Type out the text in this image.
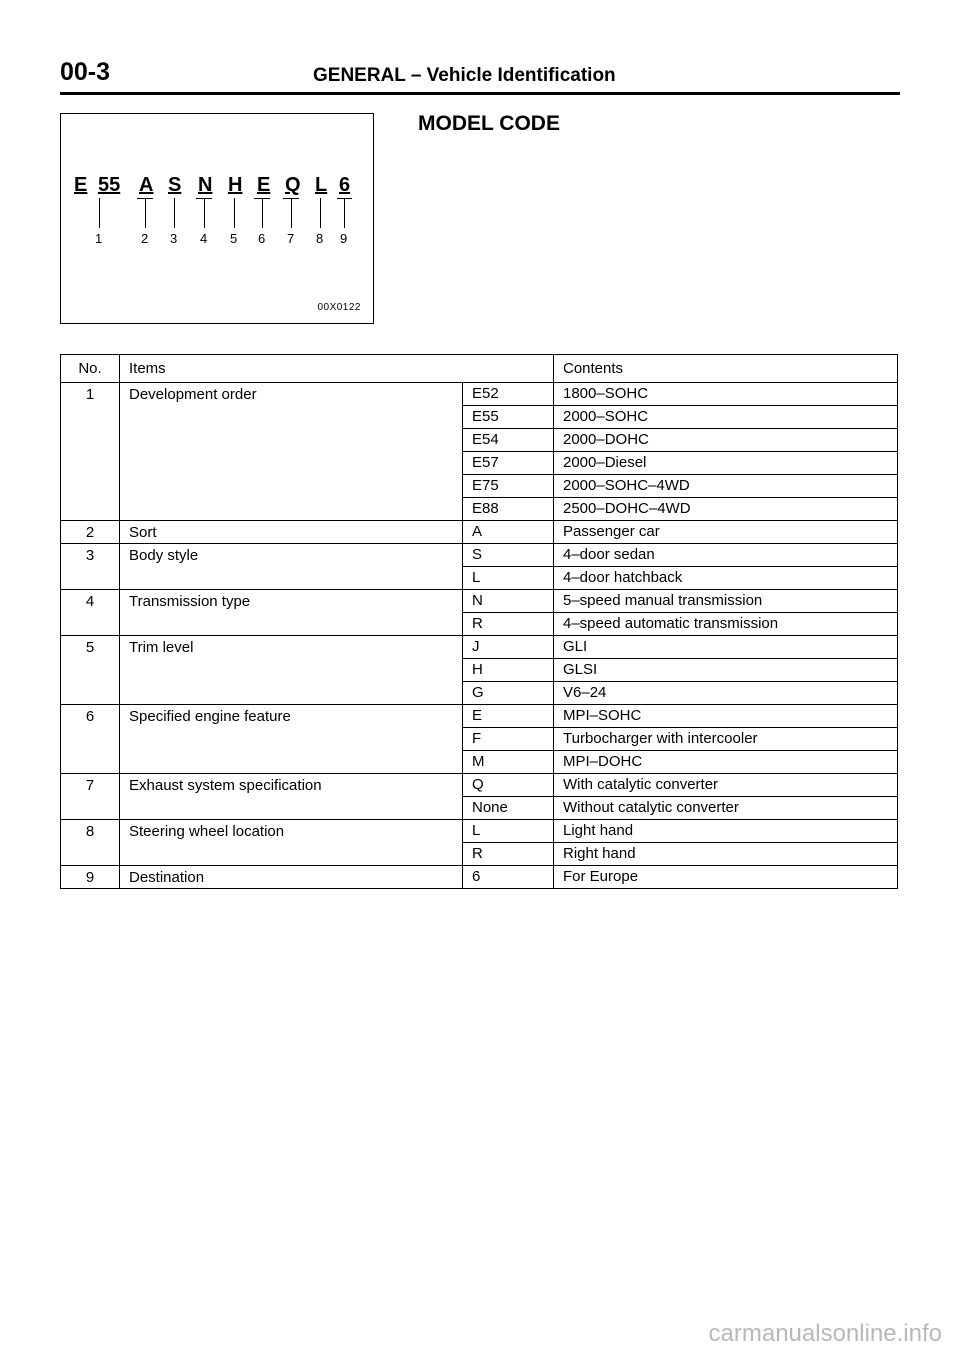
00-3	GENERAL – Vehicle Identification
E 55 A S N H E Q L 6
1	2 3 4 5 6 7 8 9
00X0122
MODEL CODE
No.	Items	Contents
1	Development order	E52	1800–SOHC
E55	2000–SOHC
E54	2000–DOHC
E57	2000–Diesel
E75	2000–SOHC–4WD
E88	2500–DOHC–4WD
2	Sort	A	Passenger car
3	Body style	S	4–door sedan
L	4–door hatchback
4	Transmission type	N	5–speed manual transmission
R	4–speed automatic transmission
5	Trim level	J	GLI
H	GLSI
G	V6–24
6	Specified engine feature	E	MPI–SOHC
F	Turbocharger with intercooler
M	MPI–DOHC
7	Exhaust system specification	Q	With catalytic converter
None	Without catalytic converter
8	Steering wheel location	L	Light hand
R	Right hand
9	Destination	6	For Europe
carmanualsonline.info
